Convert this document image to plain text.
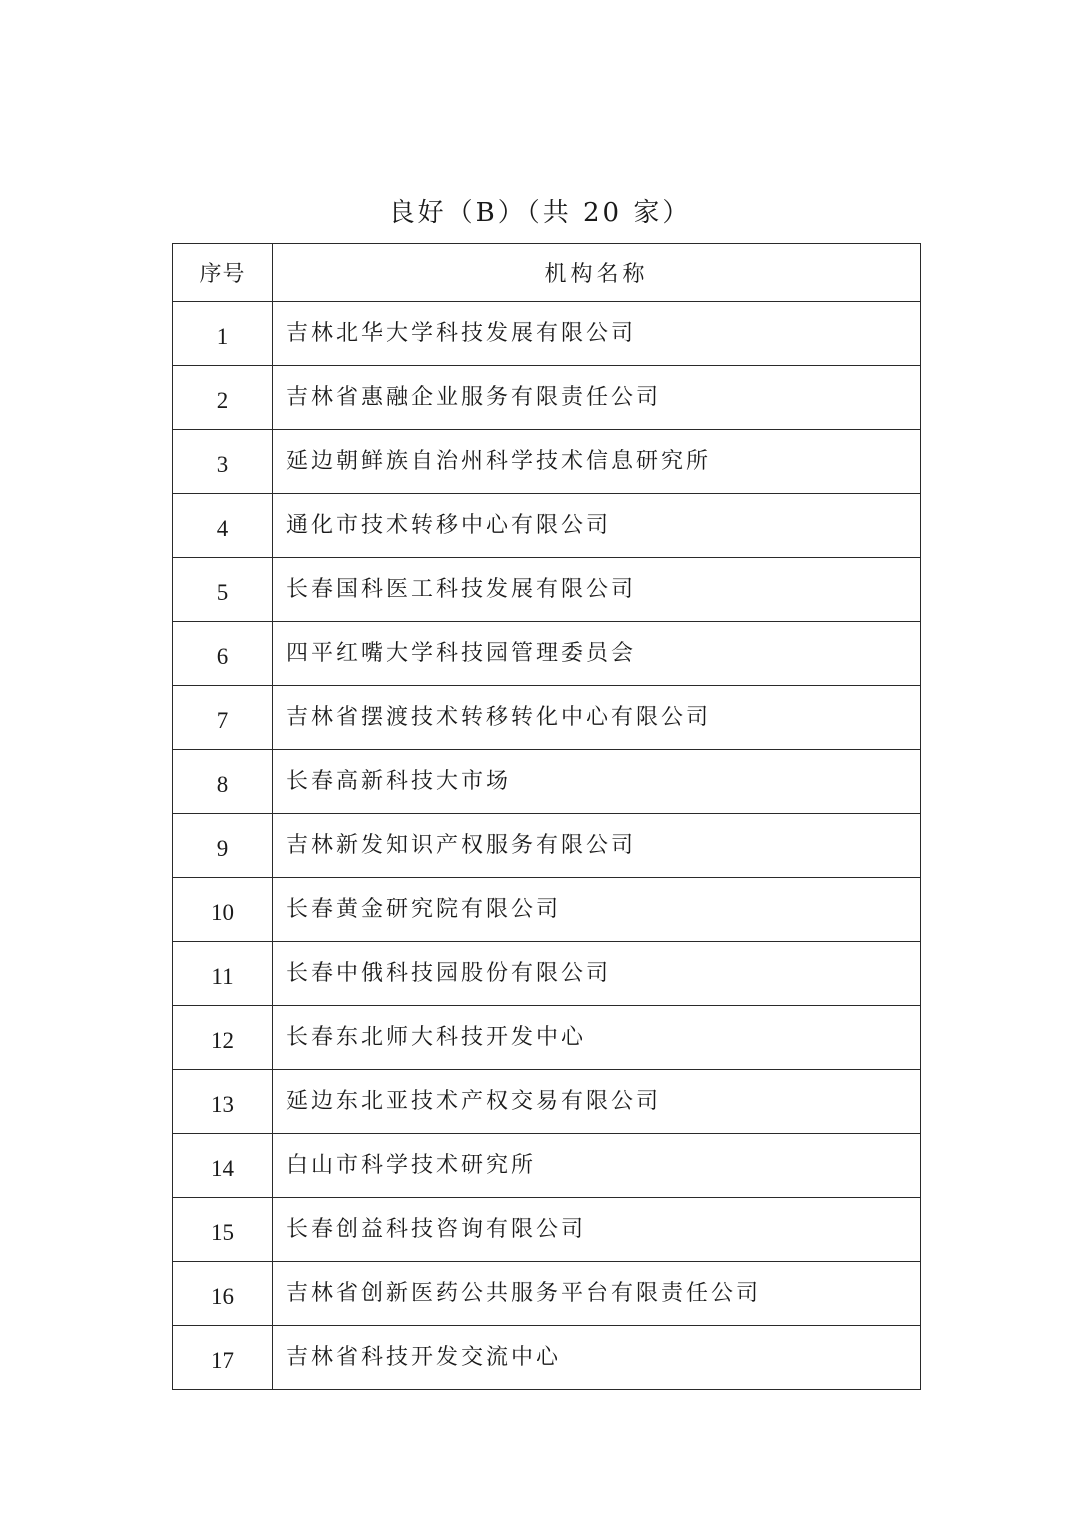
良好（B）（共 20 家）
序号	机构名称
1	吉林北华大学科技发展有限公司
2	吉林省惠融企业服务有限责任公司
3	延边朝鲜族自治州科学技术信息研究所
4	通化市技术转移中心有限公司
5	长春国科医工科技发展有限公司
6	四平红嘴大学科技园管理委员会
7	吉林省摆渡技术转移转化中心有限公司
8	长春高新科技大市场
9	吉林新发知识产权服务有限公司
10	长春黄金研究院有限公司
11	长春中俄科技园股份有限公司
12	长春东北师大科技开发中心
13	延边东北亚技术产权交易有限公司
14	白山市科学技术研究所
15	长春创益科技咨询有限公司
16	吉林省创新医药公共服务平台有限责任公司
17	吉林省科技开发交流中心
